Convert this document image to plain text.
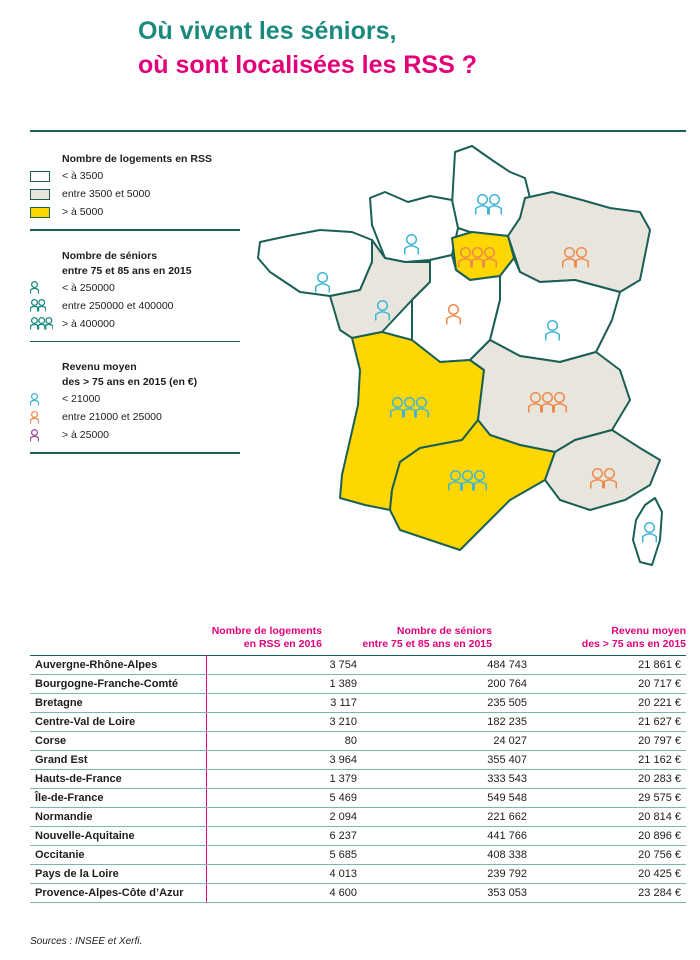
Où vivent les séniors,
où sont localisées les RSS ?
Nombre de logements en RSS
< à 3500
entre 3500 et 5000
> à 5000
Nombre de séniors
entre 75 et 85 ans en 2015
< à 250000
entre 250000 et 400000
> à 400000
Revenu moyen
des > 75 ans en 2015 (en €)
< 21000
entre 21000 et 25000
> à 25000
Nombre de logements
en RSS en 2016
Nombre de séniors
entre 75 et 85 ans en 2015
Revenu moyen
des > 75 ans en 2015
Auvergne-Rhône-Alpes	3 754	484 743	21 861 €
Bourgogne-Franche-Comté	1 389	200 764	20 717 €
Bretagne	3 117	235 505	20 221 €
Centre-Val de Loire	3 210	182 235	21 627 €
Corse	80	24 027	20 797 €
Grand Est	3 964	355 407	21 162 €
Hauts-de-France	1 379	333 543	20 283 €
Île-de-France	5 469	549 548	29 575 €
Normandie	2 094	221 662	20 814 €
Nouvelle-Aquitaine	6 237	441 766	20 896 €
Occitanie	5 685	408 338	20 756 €
Pays de la Loire	4 013	239 792	20 425 €
Provence-Alpes-Côte d’Azur	4 600	353 053	23 284 €
Sources : INSEE et Xerfi.
